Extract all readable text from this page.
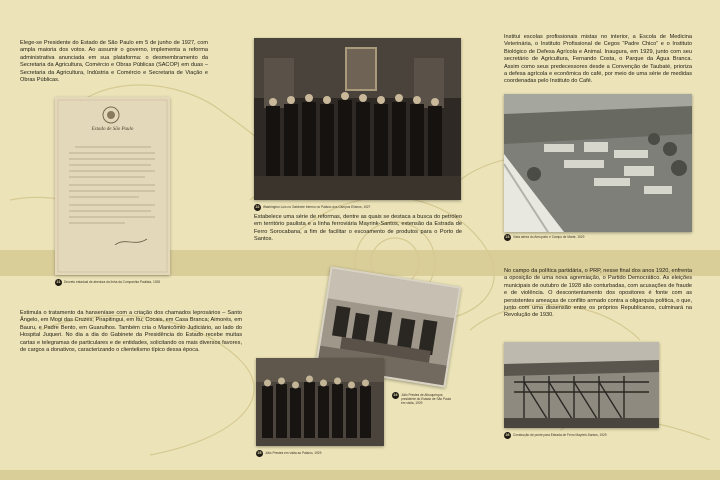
Elege-se Presidente do Estado de São Paulo em 5 de junho de 1927, com ampla maioria dos votos. Ao assumir o governo, implementa a reforma administrativa anunciada em sua plataforma: o desmembramento da Secretaria da Agricultura, Comércio e Obras Públicas (SACOP) em duas – Secretaria da Agricultura, Indústria e Comércio e Secretaria de Viação e Obras Públicas.

Estabelece uma série de reformas, dentre as quais se destaca a busca do petróleo em território paulista e a linha ferroviária Mayrink-Santos, extensão da Estrada de Ferro Sorocabana, a fim de facilitar o escoamento de produtos para o Porto de Santos.

Institui escolas profissionais mistas no interior, a Escola de Medicina Veterinária, o Instituto Profissional de Cegos “Padre Chico” e o Instituto Biológico de Defesa Agrícola e Animal. Inaugura, em 1929, junto com seu secretário de Agricultura, Fernando Costa, o Parque da Água Branca. Assim como seus predecessores desde a Convenção de Taubaté, prioriza a defesa agrícola e econômica do café, por meio de uma série de medidas coordenadas pelo Instituto do Café.

Estimula o tratamento da hanseníase com a criação dos chamados leprosários – Santo Ângelo, em Mogi das Cruzes; Pirapitingui, em Itu; Cocais, em Casa Branca; Aimorés, em Bauru, e Padre Bento, em Guarulhos. Também cria o Manicômio Judiciário, ao lado do Hospital Juqueri. No dia a dia do Gabinete da Presidência do Estado recebe muitas cartas e telegramas de particulares e de entidades, solicitando os mais diversos favores, de cargos a donativos, caracterizando o clientelismo típico dessa época.

No campo da política partidária, o PRP, nesse final dos anos 1920, enfrenta a oposição de uma nova agremiação, o Partido Democrático. As eleições municipais de outubro de 1928 são conturbadas, com acusações de fraude e de violência. O descontentamento dos opositores é fonte com as persistentes ameaças de conflito armado contra a oligarquia política, o que, junto com uma dissensão entre os próprios Republicanos, culminará na Revolução de 1930.

Estado de São Paulo
21	Decreto estadual de abertura da linha da Companhia Paulista, 1928
22	Washington Luís no Gabinete Interno no Palácio dos Campos Elíseos, 1927
23	Vista aérea do Aeroporto e Campo de Marte, 1929
24	Júlio Prestes de Albuquerque, presidente do Estado de São Paulo em visita, 1929
25	Júlio Prestes em visita ao Palácio, 1929
26	Construção de ponte para Estrada de Ferro Mayrink-Santos, 1929
